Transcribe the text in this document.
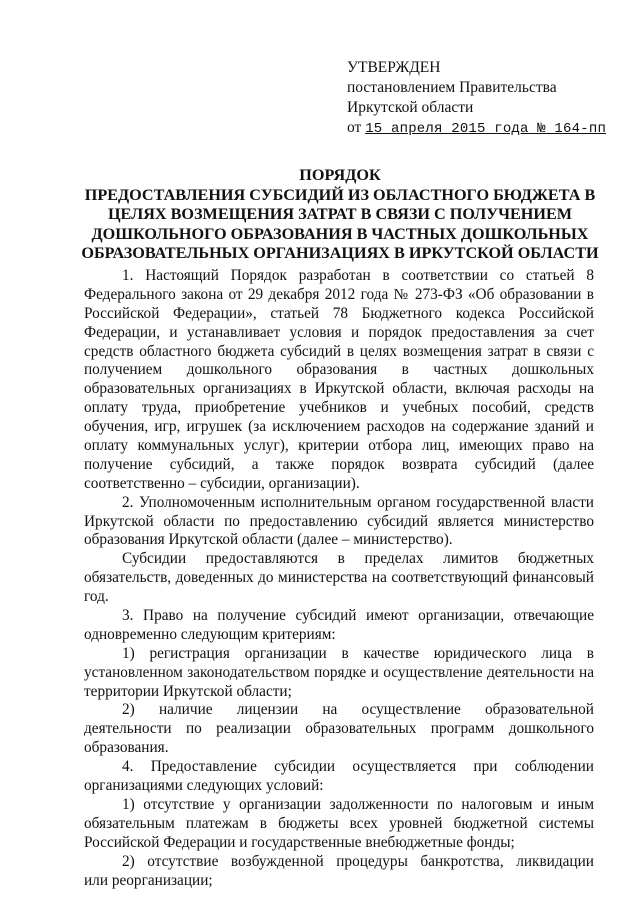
УТВЕРЖДЕН
постановлением Правительства
Иркутской области
от 15 апреля 2015 года № 164-пп
ПОРЯДОК
ПРЕДОСТАВЛЕНИЯ СУБСИДИЙ ИЗ ОБЛАСТНОГО БЮДЖЕТА В
ЦЕЛЯХ ВОЗМЕЩЕНИЯ ЗАТРАТ В СВЯЗИ С ПОЛУЧЕНИЕМ
ДОШКОЛЬНОГО ОБРАЗОВАНИЯ В ЧАСТНЫХ ДОШКОЛЬНЫХ
ОБРАЗОВАТЕЛЬНЫХ ОРГАНИЗАЦИЯХ В ИРКУТСКОЙ ОБЛАСТИ
1. Настоящий Порядок разработан в соответствии со статьей 8
Федерального закона от 29 декабря 2012 года № 273-ФЗ «Об образовании в
Российской Федерации», статьей 78 Бюджетного кодекса Российской
Федерации, и устанавливает условия и порядок предоставления за счет
средств областного бюджета субсидий в целях возмещения затрат в связи с
получением дошкольного образования в частных дошкольных
образовательных организациях в Иркутской области, включая расходы на
оплату труда, приобретение учебников и учебных пособий, средств
обучения, игр, игрушек (за исключением расходов на содержание зданий и
оплату коммунальных услуг), критерии отбора лиц, имеющих право на
получение субсидий, а также порядок возврата субсидий (далее
соответственно – субсидии, организации).
2. Уполномоченным исполнительным органом государственной власти
Иркутской области по предоставлению субсидий является министерство
образования Иркутской области (далее – министерство).
Субсидии предоставляются в пределах лимитов бюджетных
обязательств, доведенных до министерства на соответствующий финансовый
год.
3. Право на получение субсидий имеют организации, отвечающие
одновременно следующим критериям:
1) регистрация организации в качестве юридического лица в
установленном законодательством порядке и осуществление деятельности на
территории Иркутской области;
2) наличие лицензии на осуществление образовательной
деятельности по реализации образовательных программ дошкольного
образования.
4. Предоставление субсидии осуществляется при соблюдении
организациями следующих условий:
1) отсутствие у организации задолженности по налоговым и иным
обязательным платежам в бюджеты всех уровней бюджетной системы
Российской Федерации и государственные внебюджетные фонды;
2) отсутствие возбужденной процедуры банкротства, ликвидации
или реорганизации;
